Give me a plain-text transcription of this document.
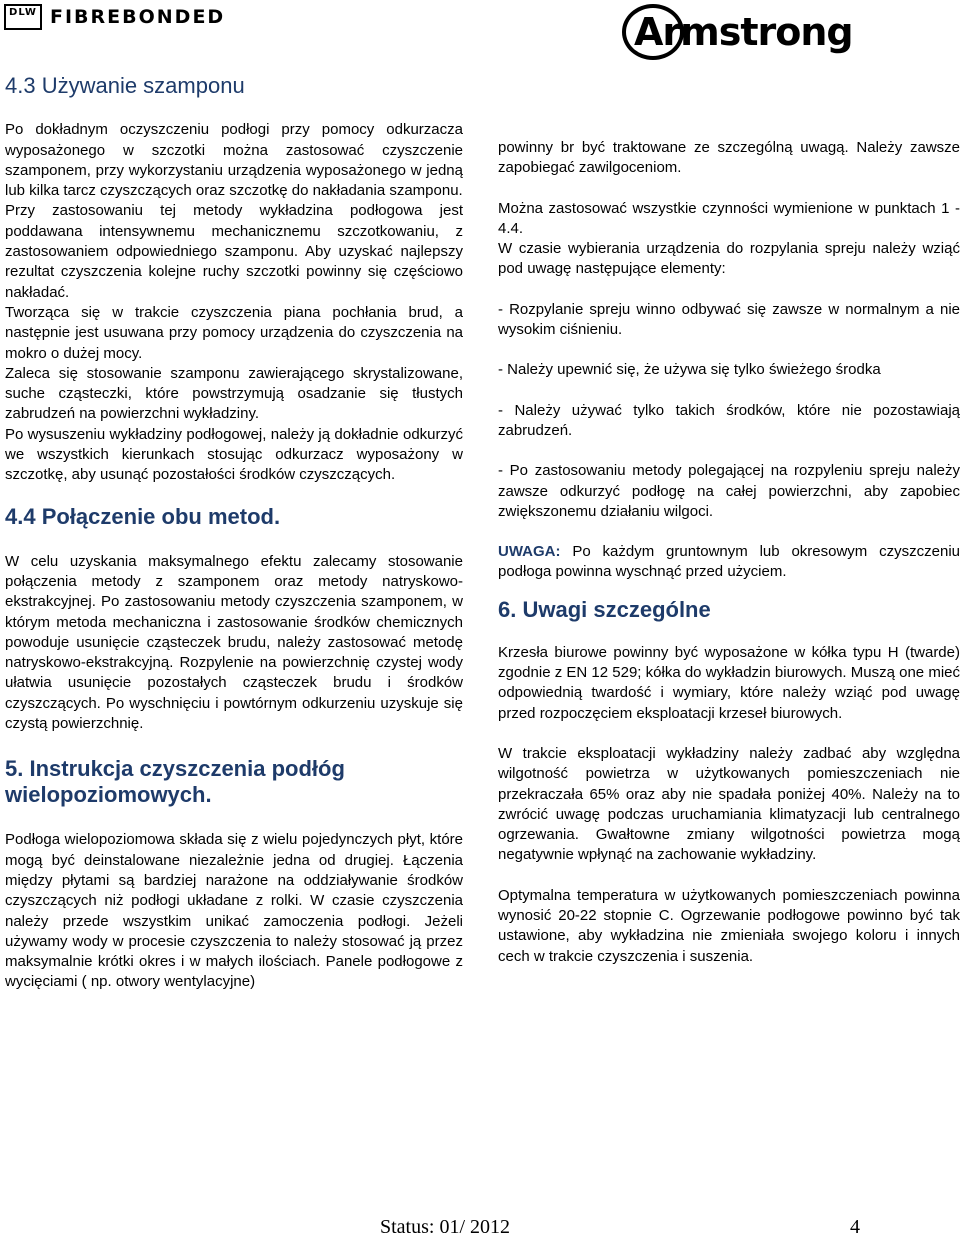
DLW FIBREBONDED	Armstrong
4.3 Używanie szamponu

Po dokładnym oczyszczeniu podłogi przy pomocy odkurzacza wyposażonego w szczotki można zastosować czyszczenie szamponem, przy wykorzystaniu urządzenia wyposażonego w jedną lub kilka tarcz czyszczących oraz szczotkę do nakładania szamponu.

Przy zastosowaniu tej metody wykładzina podłogowa jest poddawana intensywnemu mechanicznemu szczotkowaniu, z zastosowaniem odpowiedniego szamponu. Aby uzyskać najlepszy rezultat czyszczenia kolejne ruchy szczotki powinny się częściowo nakładać.

Tworząca się w trakcie czyszczenia piana pochłania brud, a następnie jest usuwana przy pomocy urządzenia do czyszczenia na mokro o dużej mocy.

Zaleca się stosowanie szamponu zawierającego skrystalizowane, suche cząsteczki, które powstrzymują osadzanie się tłustych zabrudzeń na powierzchni wykładziny.

Po wysuszeniu wykładziny podłogowej, należy ją dokładnie odkurzyć we wszystkich kierunkach stosując odkurzacz wyposażony w szczotkę, aby usunąć pozostałości środków czyszczących.

4.4 Połączenie obu metod.

W celu uzyskania maksymalnego efektu zalecamy stosowanie połączenia metody z szamponem oraz metody natryskowo-ekstrakcyjnej. Po zastosowaniu metody czyszczenia szamponem, w którym metoda mechaniczna i zastosowanie środków chemicznych powoduje usunięcie cząsteczek brudu, należy zastosować metodę natryskowo-ekstrakcyjną. Rozpylenie na powierzchnię czystej wody ułatwia usunięcie pozostałych cząsteczek brudu i środków czyszczących. Po wyschnięciu i powtórnym odkurzeniu uzyskuje się czystą powierzchnię.

5. Instrukcja czyszczenia podłóg wielopoziomowych.

Podłoga wielopoziomowa składa się z wielu pojedynczych płyt, które mogą być deinstalowane niezależnie jedna od drugiej. Łączenia między płytami są bardziej narażone na oddziaływanie środków czyszczących niż podłogi układane z rolki. W czasie czyszczenia należy przede wszystkim unikać zamoczenia podłogi. Jeżeli używamy wody w procesie czyszczenia to należy stosować ją przez maksymalnie krótki okres i w małych ilościach. Panele podłogowe z wycięciami ( np. otwory wentylacyjne)

powinny br być traktowane ze szczególną uwagą. Należy zawsze zapobiegać zawilgoceniom.

Można zastosować wszystkie czynności wymienione w punktach 1 - 4.4.

W czasie wybierania urządzenia do rozpylania spreju należy wziąć pod uwagę następujące elementy:

- Rozpylanie spreju winno odbywać się zawsze w normalnym a nie wysokim ciśnieniu.

- Należy upewnić się, że używa się tylko świeżego środka

- Należy używać tylko takich środków, które nie pozostawiają zabrudzeń.

- Po zastosowaniu metody polegającej na rozpyleniu spreju należy zawsze odkurzyć podłogę na całej powierzchni, aby zapobiec zwiększonemu działaniu wilgoci.

UWAGA: Po każdym gruntownym lub okresowym czyszczeniu podłoga powinna wyschnąć przed użyciem.

6. Uwagi szczególne

Krzesła biurowe powinny być wyposażone w kółka typu H (twarde) zgodnie z EN 12 529; kółka do wykładzin biurowych. Muszą one mieć odpowiednią twardość i wymiary, które należy wziąć pod uwagę przed rozpoczęciem eksploatacji krzeseł biurowych.

W trakcie eksploatacji wykładziny należy zadbać aby względna wilgotność powietrza w użytkowanych pomieszczeniach nie przekraczała 65% oraz aby nie spadała poniżej 40%. Należy na to zwrócić uwagę podczas uruchamiania klimatyzacji lub centralnego ogrzewania. Gwałtowne zmiany wilgotności powietrza mogą negatywnie wpłynąć na zachowanie wykładziny.

Optymalna temperatura w użytkowanych pomieszczeniach powinna wynosić 20-22 stopnie C. Ogrzewanie podłogowe powinno być tak ustawione, aby wykładzina nie zmieniała swojego koloru i innych cech w trakcie czyszczenia i suszenia.

Status: 01/ 2012	4
